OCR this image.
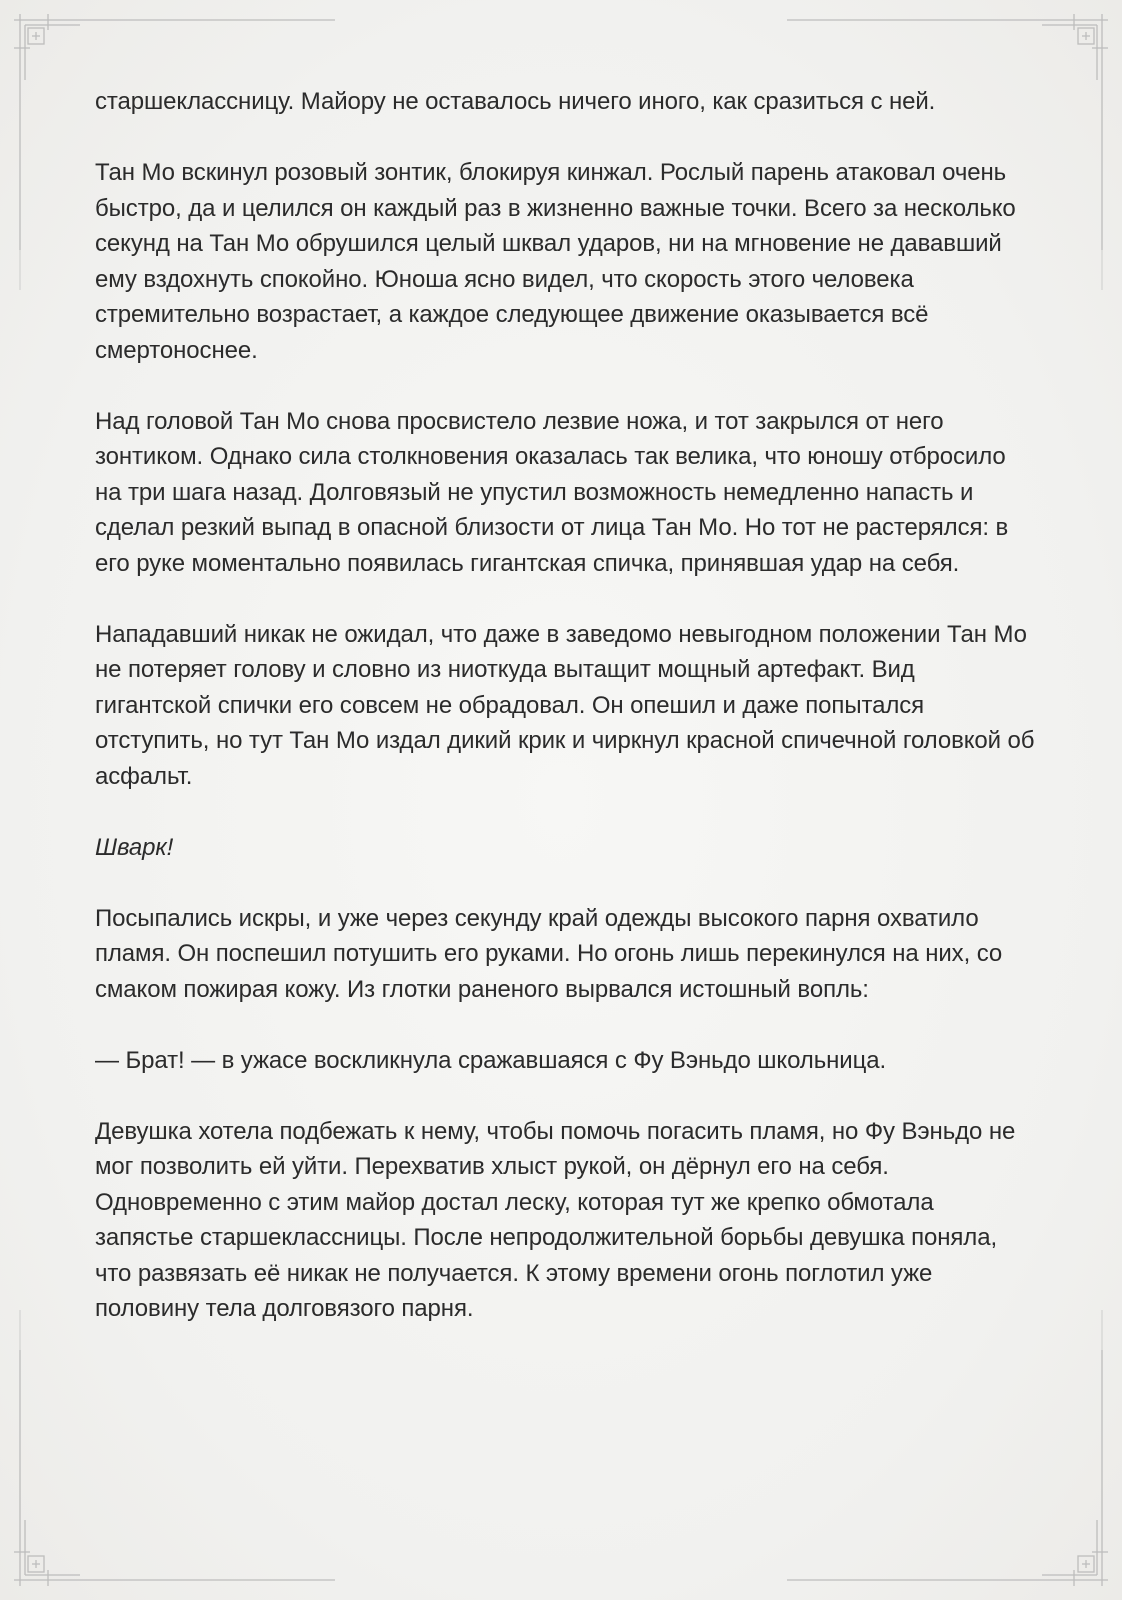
старшеклассницу. Майору не оставалось ничего иного, как сразиться с ней.

Тан Мо вскинул розовый зонтик, блокируя кинжал. Рослый парень атаковал очень быстро, да и целился он каждый раз в жизненно важные точки. Всего за несколько секунд на Тан Мо обрушился целый шквал ударов, ни на мгновение не дававший ему вздохнуть спокойно. Юноша ясно видел, что скорость этого человека стремительно возрастает, а каждое следующее движение оказывается всё смертоноснее.

Над головой Тан Мо снова просвистело лезвие ножа, и тот закрылся от него зонтиком. Однако сила столкновения оказалась так велика, что юношу отбросило на три шага назад. Долговязый не упустил возможность немедленно напасть и сделал резкий выпад в опасной близости от лица Тан Мо. Но тот не растерялся: в его руке моментально появилась гигантская спичка, принявшая удар на себя.

Нападавший никак не ожидал, что даже в заведомо невыгодном положении Тан Мо не потеряет голову и словно из ниоткуда вытащит мощный артефакт. Вид гигантской спички его совсем не обрадовал. Он опешил и даже попытался отступить, но тут Тан Мо издал дикий крик и чиркнул красной спичечной головкой об асфальт.

Шварк!

Посыпались искры, и уже через секунду край одежды высокого парня охватило пламя. Он поспешил потушить его руками. Но огонь лишь перекинулся на них, со смаком пожирая кожу. Из глотки раненого вырвался истошный вопль:

— Брат! — в ужасе воскликнула сражавшаяся с Фу Вэньдо школьница.

Девушка хотела подбежать к нему, чтобы помочь погасить пламя, но Фу Вэньдо не мог позволить ей уйти. Перехватив хлыст рукой, он дёрнул его на себя. Одновременно с этим майор достал леску, которая тут же крепко обмотала запястье старшеклассницы. После непродолжительной борьбы девушка поняла, что развязать её никак не получается. К этому времени огонь поглотил уже половину тела долговязого парня.
